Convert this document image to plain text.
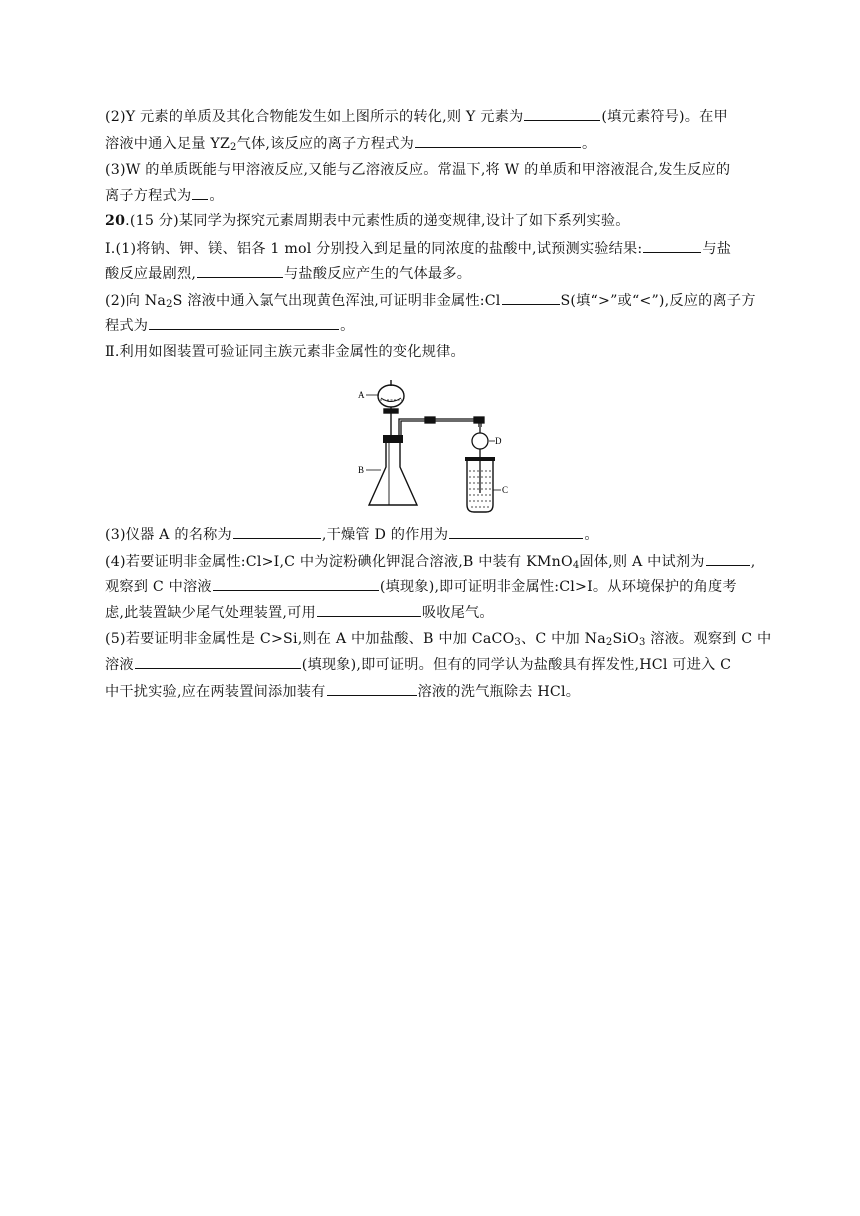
(2)Y 元素的单质及其化合物能发生如上图所示的转化,则 Y 元素为	(填元素符号)。在甲
溶液中通入足量 $YZ_2$气体,该反应的离子方程式为	。
(3)W 的单质既能与甲溶液反应,又能与乙溶液反应。常温下,将 W 的单质和甲溶液混合,发生反应的
离子方程式为 。
20.(15 分)某同学为探究元素周期表中元素性质的递变规律,设计了如下系列实验。
Ⅰ.(1)将钠、钾、镁、铝各 1 mol 分别投入到足量的同浓度的盐酸中,试预测实验结果:	与盐
酸反应最剧烈,	与盐酸反应产生的气体最多。
(2)向 $Na_2S$ 溶液中通入氯气出现黄色浑浊,可证明非金属性:Cl	S(填“>”或“<”),反应的离子方
程式为	。
Ⅱ.利用如图装置可验证同主族元素非金属性的变化规律。
A
B
D
C
(3)仪器 A 的名称为	,干燥管 D 的作用为	。
(4)若要证明非金属性:Cl>I,C 中为淀粉碘化钾混合溶液,B 中装有 KMnO$_4$固体,则 A 中试剂为	,
观察到 C 中溶液	(填现象),即可证明非金属性:Cl>I。从环境保护的角度考
虑,此装置缺少尾气处理装置,可用	吸收尾气。
(5)若要证明非金属性是 C>Si,则在 A 中加盐酸、B 中加 CaCO$_3$、C 中加 $Na_2SiO_3$ 溶液。观察到 C 中
溶液	(填现象),即可证明。但有的同学认为盐酸具有挥发性,HCl 可进入 C
中干扰实验,应在两装置间添加装有	溶液的洗气瓶除去 HCl。
